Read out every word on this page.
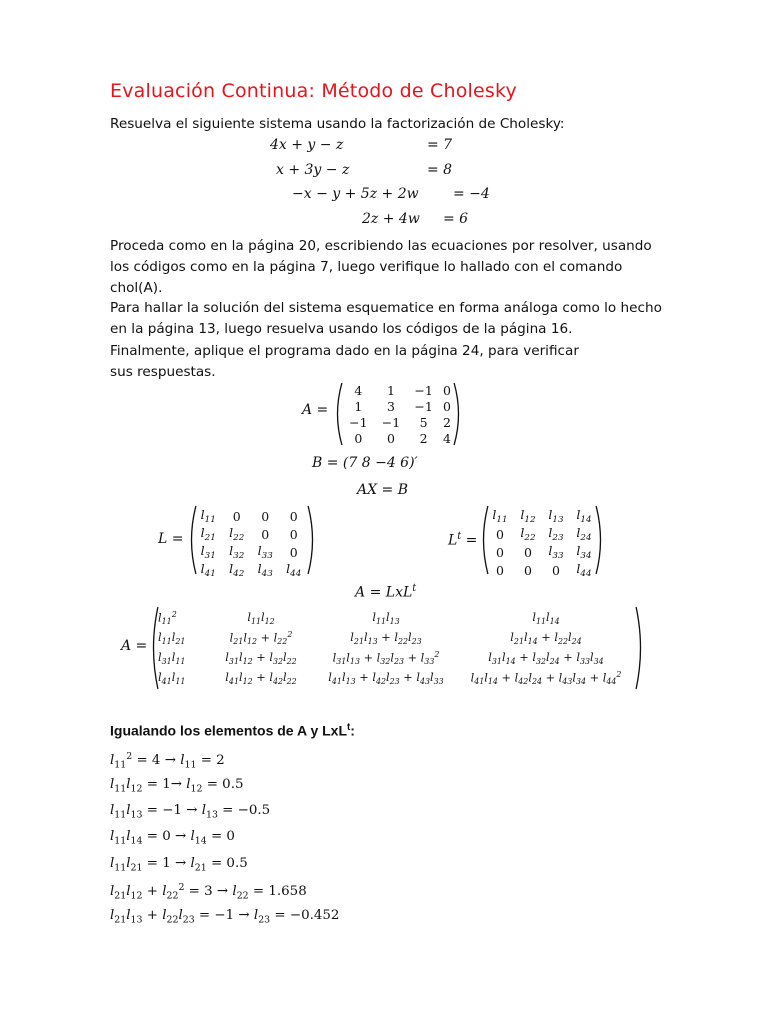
Evaluación Continua: Método de Cholesky
Resuelva el siguiente sistema usando la factorización de Cholesky:
4x + y − z	= 7
x + 3y − z	= 8
−x − y + 5z + 2w = −4
2z + 4w = 6
Proceda como en la página 20, escribiendo las ecuaciones por resolver, usando los códigos como en la página 7, luego verifique lo hallado con el comando chol(A).
Para hallar la solución del sistema esquematice en forma análoga como lo hecho en la página 13, luego resuelva usando los códigos de la página 16.
Finalmente, aplique el programa dado en la página 24, para verificar sus respuestas.
A =
4	1	−1	0
1	3	−1	0
−1	−1	5	2
0	0	2	4
B = (7 8 −4 6)′
AX = B
L =
$l_{11}$	0	0	0
$l_{21}$	$l_{22}$	0	0
$l_{31}$	$l_{32}$	$l_{33}$	0
$l_{41}$	$l_{42}$	$l_{43}$	$l_{44}$
$L^t$ =
$l_{11}$	$l_{12}$	$l_{13}$	$l_{14}$
0	$l_{22}$	$l_{23}$	$l_{24}$
0	0	$l_{33}$	$l_{34}$
0	0	0	$l_{44}$
A = LxL$^t$
A =
$l_{11}^2$	$l_{11}l_{12}$	$l_{11}l_{13}$	$l_{11}l_{14}$
$l_{11}l_{21}$	$l_{21}l_{12} + l_{22}^2$	$l_{21}l_{13} + l_{22}l_{23}$	$l_{21}l_{14} + l_{22}l_{24}$
$l_{31}l_{11}$	$l_{31}l_{12} + l_{32}l_{22}$	$l_{31}l_{13} + l_{32}l_{23} + l_{33}^2$	$l_{31}l_{14} + l_{32}l_{24} + l_{33}l_{34}$
$l_{41}l_{11}$	$l_{41}l_{12} + l_{42}l_{22}$	$l_{41}l_{13} + l_{42}l_{23} + l_{43}l_{33}$	$l_{41}l_{14} + l_{42}l_{24} + l_{43}l_{34} + l_{44}^2$
Igualando los elementos de A y LxL$^t$:
$l_{11}^2 = 4 \to l_{11} = 2$
$l_{11}l_{12} = 1\to l_{12} = 0.5$
$l_{11}l_{13} = -1 \to l_{13} = -0.5$
$l_{11}l_{14} = 0 \to l_{14} = 0$
$l_{11}l_{21} = 1 \to l_{21} = 0.5$
$l_{21}l_{12} + l_{22}^2 = 3 \to l_{22} = 1.658$
$l_{21}l_{13} + l_{22}l_{23} = -1 \to l_{23} = -0.452$
